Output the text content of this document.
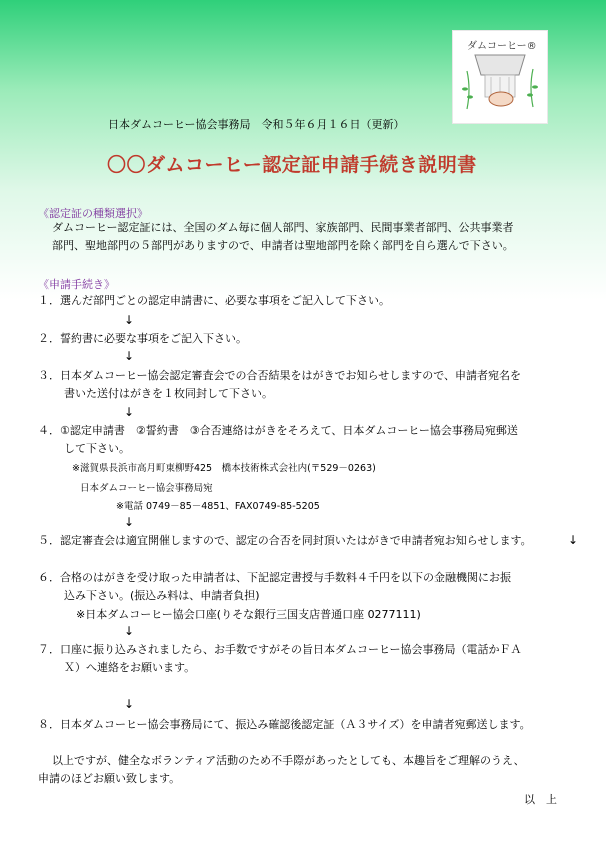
ダムコーヒー®
日本ダムコーヒー協会事務局　令和５年６月１６日（更新）
〇〇ダムコーヒー認定証申請手続き説明書
《認定証の種類選択》
ダムコーヒー認定証には、全国のダム毎に個人部門、家族部門、民間事業者部門、公共事業者
部門、聖地部門の５部門がありますので、申請者は聖地部門を除く部門を自ら選んで下さい。
《申請手続き》
１．選んだ部門ごとの認定申請書に、必要な事項をご記入して下さい。
↓
２．誓約書に必要な事項をご記入下さい。
↓
３．日本ダムコーヒー協会認定審査会での合否結果をはがきでお知らせしますので、申請者宛名を
書いた送付はがきを１枚同封して下さい。
↓
４．①認定申請書　②誓約書　③合否連絡はがきをそろえて、日本ダムコーヒー協会事務局宛郵送
して下さい。
※滋賀県長浜市高月町東柳野425　橋本技術株式会社内(〒529－0263)
日本ダムコーヒー協会事務局宛
※電話 0749－85－4851、FAX0749-85-5205
↓
５．認定審査会は適宜開催しますので、認定の合否を同封頂いたはがきで申請者宛お知らせします。	↓
６．合格のはがきを受け取った申請者は、下記認定書授与手数料４千円を以下の金融機関にお振
込み下さい。(振込み料は、申請者負担)
※日本ダムコーヒー協会口座(りそな銀行三国支店普通口座 0277111)
↓
７．口座に振り込みされましたら、お手数ですがその旨日本ダムコーヒー協会事務局（電話かＦＡ
Ｘ）へ連絡をお願います。
↓
８．日本ダムコーヒー協会事務局にて、振込み確認後認定証（Ａ３サイズ）を申請者宛郵送します。
以上ですが、健全なボランティア活動のため不手際があったとしても、本趣旨をご理解のうえ、
申請のほどお願い致します。
以　上
